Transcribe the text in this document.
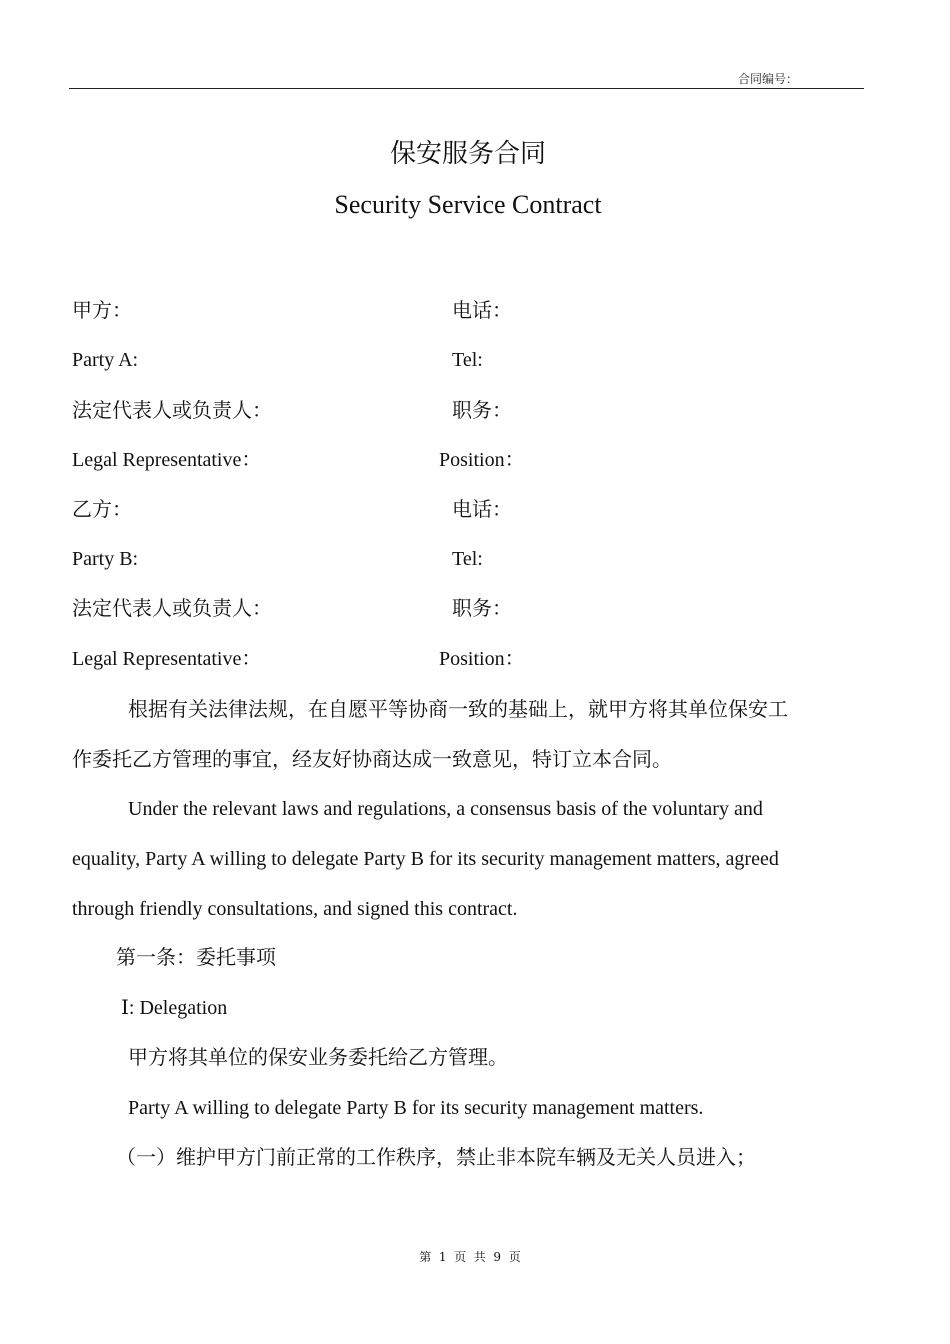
合同编号：
保安服务合同
Security Service Contract
甲方：	电话：
Party A:	Tel:
法定代表人或负责人：	职务：
Legal Representative：	Position：
乙方：	电话：
Party B:	Tel:
法定代表人或负责人：	职务：
Legal Representative：	Position：
根据有关法律法规，在自愿平等协商一致的基础上，就甲方将其单位保安工
作委托乙方管理的事宜，经友好协商达成一致意见，特订立本合同。
Under the relevant laws and regulations, a consensus basis of the voluntary and
equality, Party A willing to delegate Party B for its security management matters, agreed
through friendly consultations, and signed this contract.
第一条：委托事项
Ⅰ: Delegation
甲方将其单位的保安业务委托给乙方管理。
Party A willing to delegate Party B for its security management matters.
（一）维护甲方门前正常的工作秩序，禁止非本院车辆及无关人员进入；
第  1  页  共  9  页
